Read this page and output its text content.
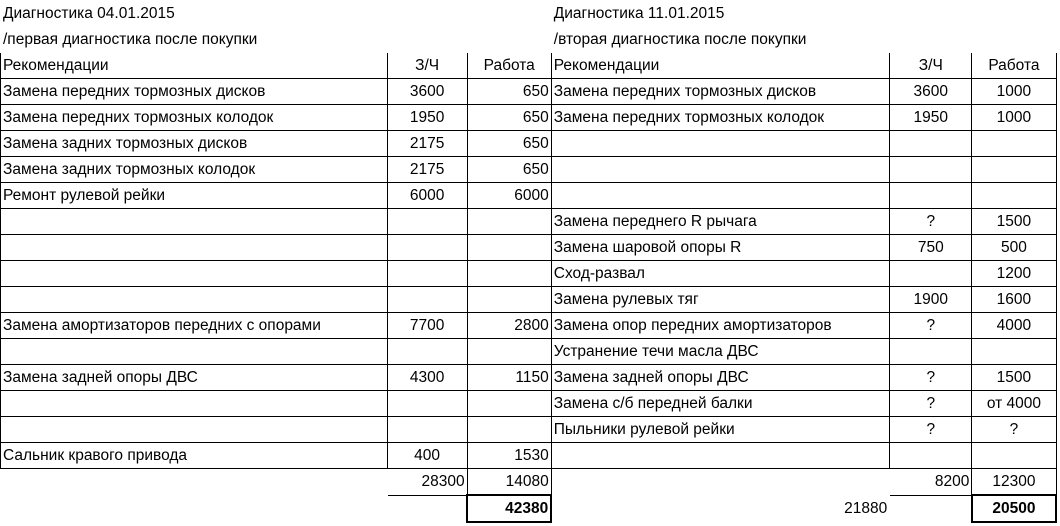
Диагностика 04.01.2015			Диагностика 11.01.2015		
/первая диагностика после покупки			/вторая диагностика после покупки		
Рекомендации	З/Ч	Работа	Рекомендации	З/Ч	Работа
Замена передних тормозных дисков	3600	650	Замена передних тормозных дисков	3600	1000
Замена передних тормозных колодок	1950	650	Замена передних тормозных колодок	1950	1000
Замена задних тормозных дисков	2175	650			
Замена задних тормозных колодок	2175	650			
Ремонт рулевой рейки	6000	6000			
			Замена переднего R рычага	?	1500
			Замена шаровой опоры R	750	500
			Сход-развал		1200
			Замена рулевых тяг	1900	1600
Замена амортизаторов передних с опорами	7700	2800	Замена опор передних амортизаторов	?	4000
			Устранение течи масла ДВС		
Замена задней опоры ДВС	4300	1150	Замена задней опоры ДВС	?	1500
			Замена с/б передней балки	?	от 4000
			Пыльники рулевой рейки	?	?
Сальник кравого привода	400	1530			
	28300	14080		8200	12300
		42380	21880		20500
